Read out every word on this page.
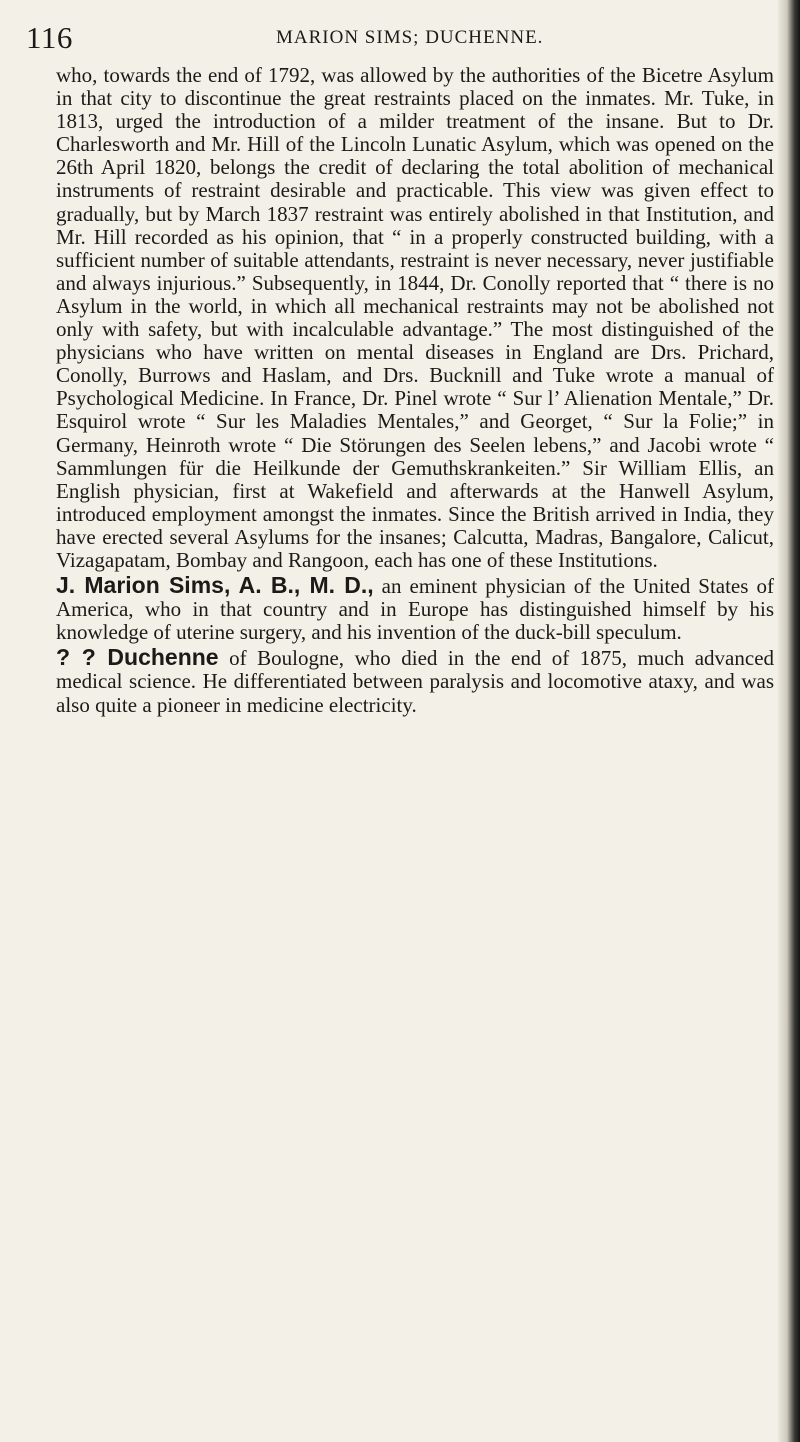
116	MARION SIMS; DUCHENNE.

who, towards the end of 1792, was allowed by the authorities of the Bicetre Asylum in that city to discontinue the great restraints placed on the inmates. Mr. Tuke, in 1813, urged the introduction of a milder treatment of the insane. But to Dr. Charlesworth and Mr. Hill of the Lincoln Lunatic Asylum, which was opened on the 26th April 1820, belongs the credit of declaring the total abolition of mechanical instruments of restraint desirable and practicable. This view was given effect to gradually, but by March 1837 restraint was entirely abolished in that Institution, and Mr. Hill recorded as his opinion, that “ in a properly constructed building, with a sufficient number of suitable attendants, restraint is never necessary, never justifiable and always injurious.” Subsequently, in 1844, Dr. Conolly reported that “ there is no Asylum in the world, in which all mechanical restraints may not be abolished not only with safety, but with incalculable advantage.” The most distinguished of the physicians who have written on mental diseases in England are Drs. Prichard, Conolly, Burrows and Haslam, and Drs. Bucknill and Tuke wrote a manual of Psychological Medicine. In France, Dr. Pinel wrote “ Sur l’ Alienation Mentale,” Dr. Esquirol wrote “ Sur les Maladies Mentales,” and Georget, “ Sur la Folie;” in Germany, Heinroth wrote “ Die Störungen des Seelen lebens,” and Jacobi wrote “ Sammlungen für die Heilkunde der Gemuthskrankeiten.” Sir William Ellis, an English physician, first at Wakefield and afterwards at the Hanwell Asylum, introduced employment amongst the inmates. Since the British arrived in India, they have erected several Asylums for the insanes; Calcutta, Madras, Bangalore, Calicut, Vizagapatam, Bombay and Rangoon, each has one of these Institutions.

J. Marion Sims, A. B., M. D., an eminent physician of the United States of America, who in that country and in Europe has distinguished himself by his knowledge of uterine surgery, and his invention of the duck-bill speculum.

? ? Duchenne of Boulogne, who died in the end of 1875, much advanced medical science. He differentiated between paralysis and locomotive ataxy, and was also quite a pioneer in medicine electricity.
